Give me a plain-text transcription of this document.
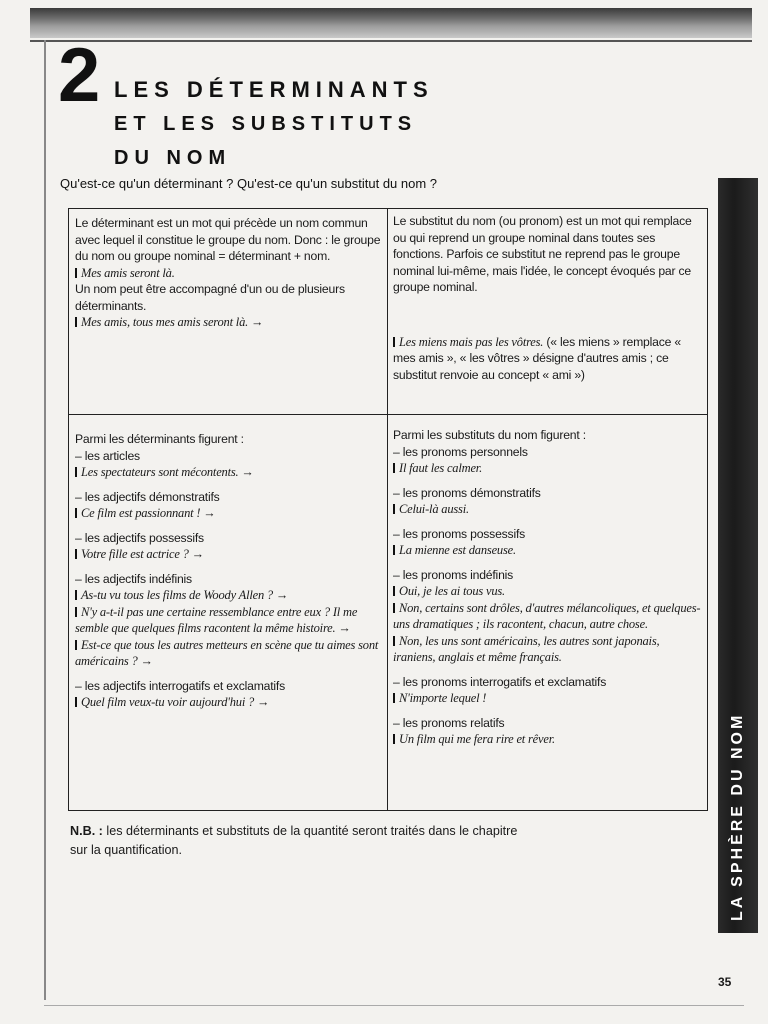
2 LES DÉTERMINANTS
ET LES SUBSTITUTS
DU NOM
Qu'est-ce qu'un déterminant ? Qu'est-ce qu'un substitut du nom ?

Le déterminant est un mot qui précède un nom commun avec lequel il constitue le groupe du nom. Donc : le groupe du nom ou groupe nominal = déterminant + nom.

Mes amis seront là.

Un nom peut être accompagné d'un ou de plusieurs déterminants.

Mes amis, tous mes amis seront là. →

Le substitut du nom (ou pronom) est un mot qui remplace ou qui reprend un groupe nominal dans toutes ses fonctions. Parfois ce substitut ne reprend pas le groupe nominal lui-même, mais l'idée, le concept évoqués par ce groupe nominal.

Les miens mais pas les vôtres. (« les miens » remplace « mes amis », « les vôtres » désigne d'autres amis ; ce substitut renvoie au concept « ami »)

Parmi les déterminants figurent :

– les articles

Les spectateurs sont mécontents. →

– les adjectifs démonstratifs

Ce film est passionnant ! →

– les adjectifs possessifs

Votre fille est actrice ? →

– les adjectifs indéfinis

As-tu vu tous les films de Woody Allen ? →

N'y a-t-il pas une certaine ressemblance entre eux ? Il me semble que quelques films racontent la même histoire. →

Est-ce que tous les autres metteurs en scène que tu aimes sont américains ? →

– les adjectifs interrogatifs et exclamatifs

Quel film veux-tu voir aujourd'hui ? →

Parmi les substituts du nom figurent :

– les pronoms personnels

Il faut les calmer.

– les pronoms démonstratifs

Celui-là aussi.

– les pronoms possessifs

La mienne est danseuse.

– les pronoms indéfinis

Oui, je les ai tous vus.

Non, certains sont drôles, d'autres mélancoliques, et quelques-uns dramatiques ; ils racontent, chacun, autre chose.

Non, les uns sont américains, les autres sont japonais, iraniens, anglais et même français.

– les pronoms interrogatifs et exclamatifs

N'importe lequel !

– les pronoms relatifs

Un film qui me fera rire et rêver.

N.B. : les déterminants et substituts de la quantité seront traités dans le chapitre sur la quantification.	LA SPHÈRE DU NOM
35
